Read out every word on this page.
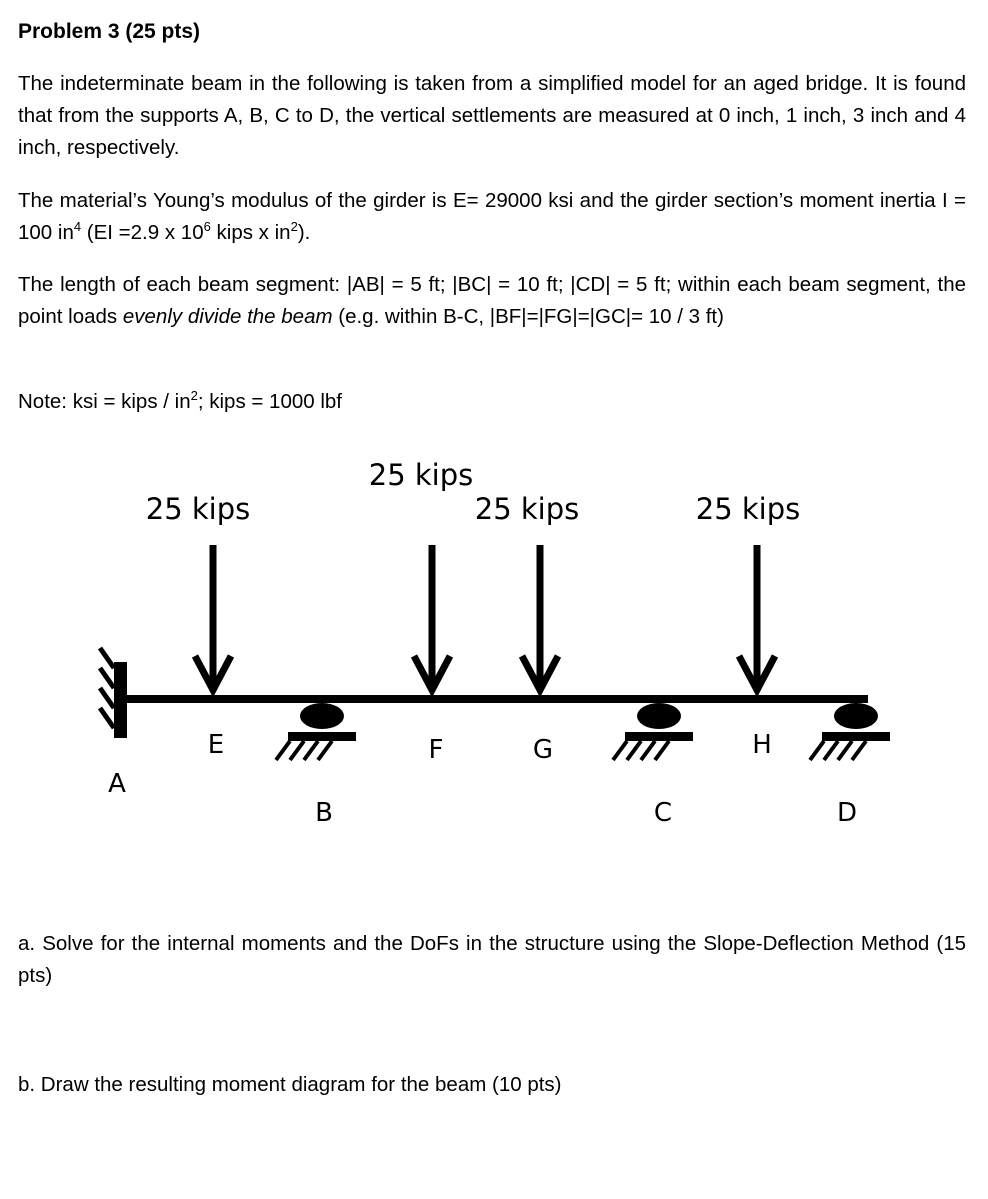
Problem 3 (25 pts)

The indeterminate beam in the following is taken from a simplified model for an aged bridge. It is found that from the supports A, B, C to D, the vertical settlements are measured at 0 inch, 1 inch, 3 inch and 4 inch, respectively.

The material’s Young’s modulus of the girder is E= 29000 ksi and the girder section’s moment inertia I = 100 $in^4$ (EI =2.9 x $10^6$ kips x $in^2$).

The length of each beam segment: |AB| = 5 ft; |BC| = 10 ft; |CD| = 5 ft; within each beam segment, the point loads evenly divide the beam (e.g. within B-C, |BF|=|FG|=|GC|= 10 / 3 ft)

Note: ksi = kips / $in^2$; kips = 1000 lbf

25 kips
25 kips
25 kips	25 kips
E	F	G	H
A
B	C	D

a. Solve for the internal moments and the DoFs in the structure using the Slope-Deflection Method (15 pts)

b. Draw the resulting moment diagram for the beam (10 pts)
